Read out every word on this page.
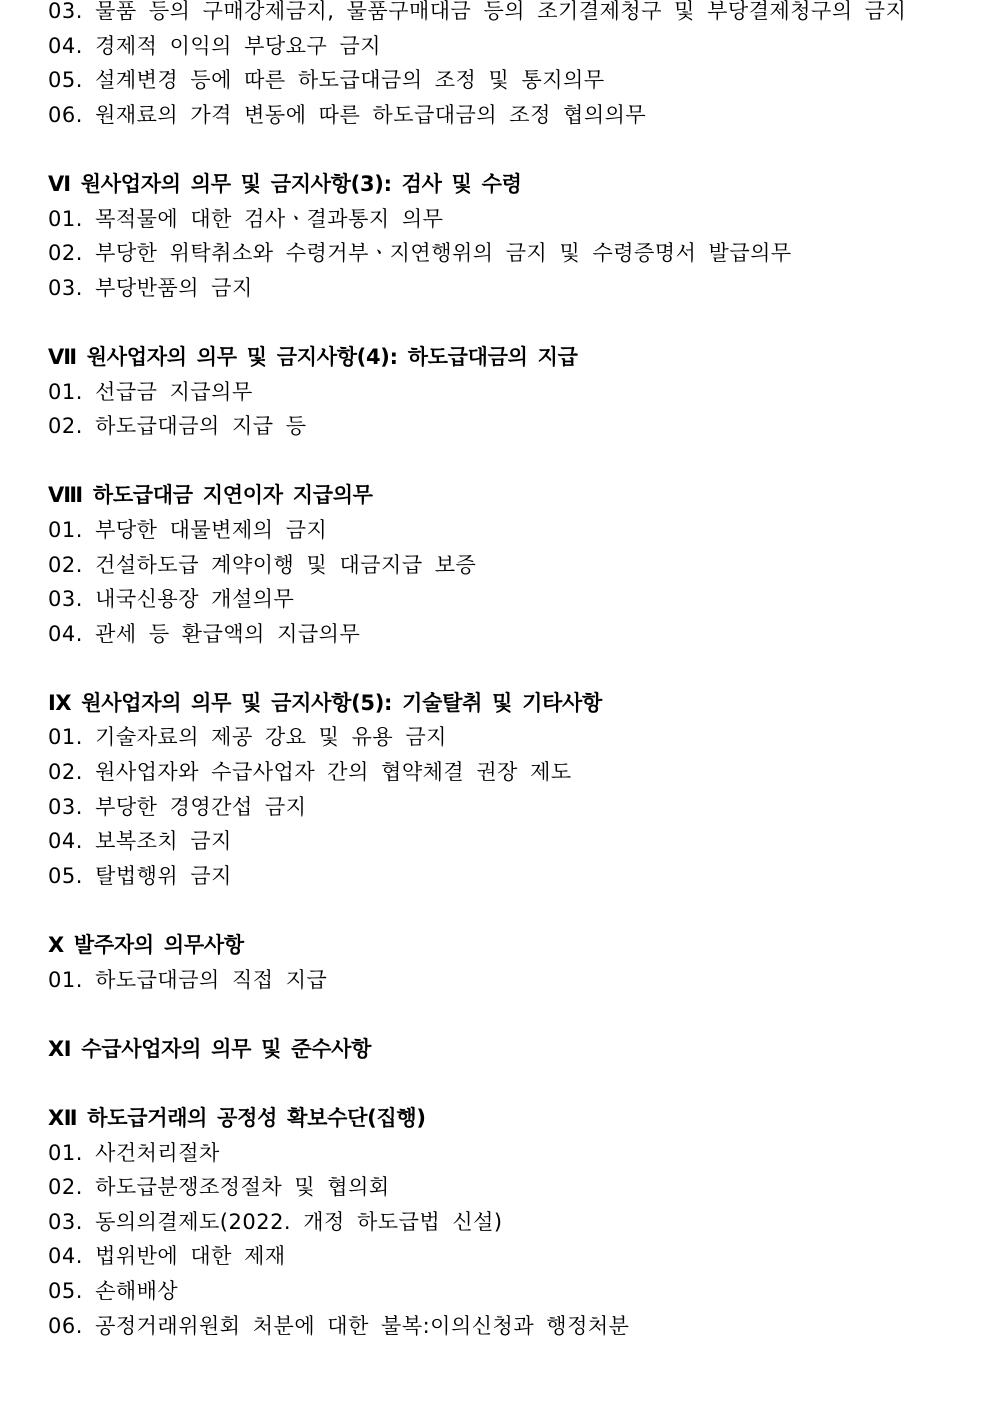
03. 물품 등의 구매강제금지, 물품구매대금 등의 조기결제청구 및 부당결제청구의 금지
04. 경제적 이익의 부당요구 금지
05. 설계변경 등에 따른 하도급대금의 조정 및 통지의무
06. 원재료의 가격 변동에 따른 하도급대금의 조정 협의의무
Ⅵ 원사업자의 의무 및 금지사항(3): 검사 및 수령
01. 목적물에 대한 검사ㆍ결과통지 의무
02. 부당한 위탁취소와 수령거부ㆍ지연행위의 금지 및 수령증명서 발급의무
03. 부당반품의 금지
Ⅶ 원사업자의 의무 및 금지사항(4): 하도급대금의 지급
01. 선급금 지급의무
02. 하도급대금의 지급 등
Ⅷ 하도급대금 지연이자 지급의무
01. 부당한 대물변제의 금지
02. 건설하도급 계약이행 및 대금지급 보증
03. 내국신용장 개설의무
04. 관세 등 환급액의 지급의무
Ⅸ 원사업자의 의무 및 금지사항(5): 기술탈취 및 기타사항
01. 기술자료의 제공 강요 및 유용 금지
02. 원사업자와 수급사업자 간의 협약체결 권장 제도
03. 부당한 경영간섭 금지
04. 보복조치 금지
05. 탈법행위 금지
Ⅹ 발주자의 의무사항
01. 하도급대금의 직접 지급
Ⅺ 수급사업자의 의무 및 준수사항
Ⅻ 하도급거래의 공정성 확보수단(집행)
01. 사건처리절차
02. 하도급분쟁조정절차 및 협의회
03. 동의의결제도(2022. 개정 하도급법 신설)
04. 법위반에 대한 제재
05. 손해배상
06. 공정거래위원회 처분에 대한 불복:이의신청과 행정처분
